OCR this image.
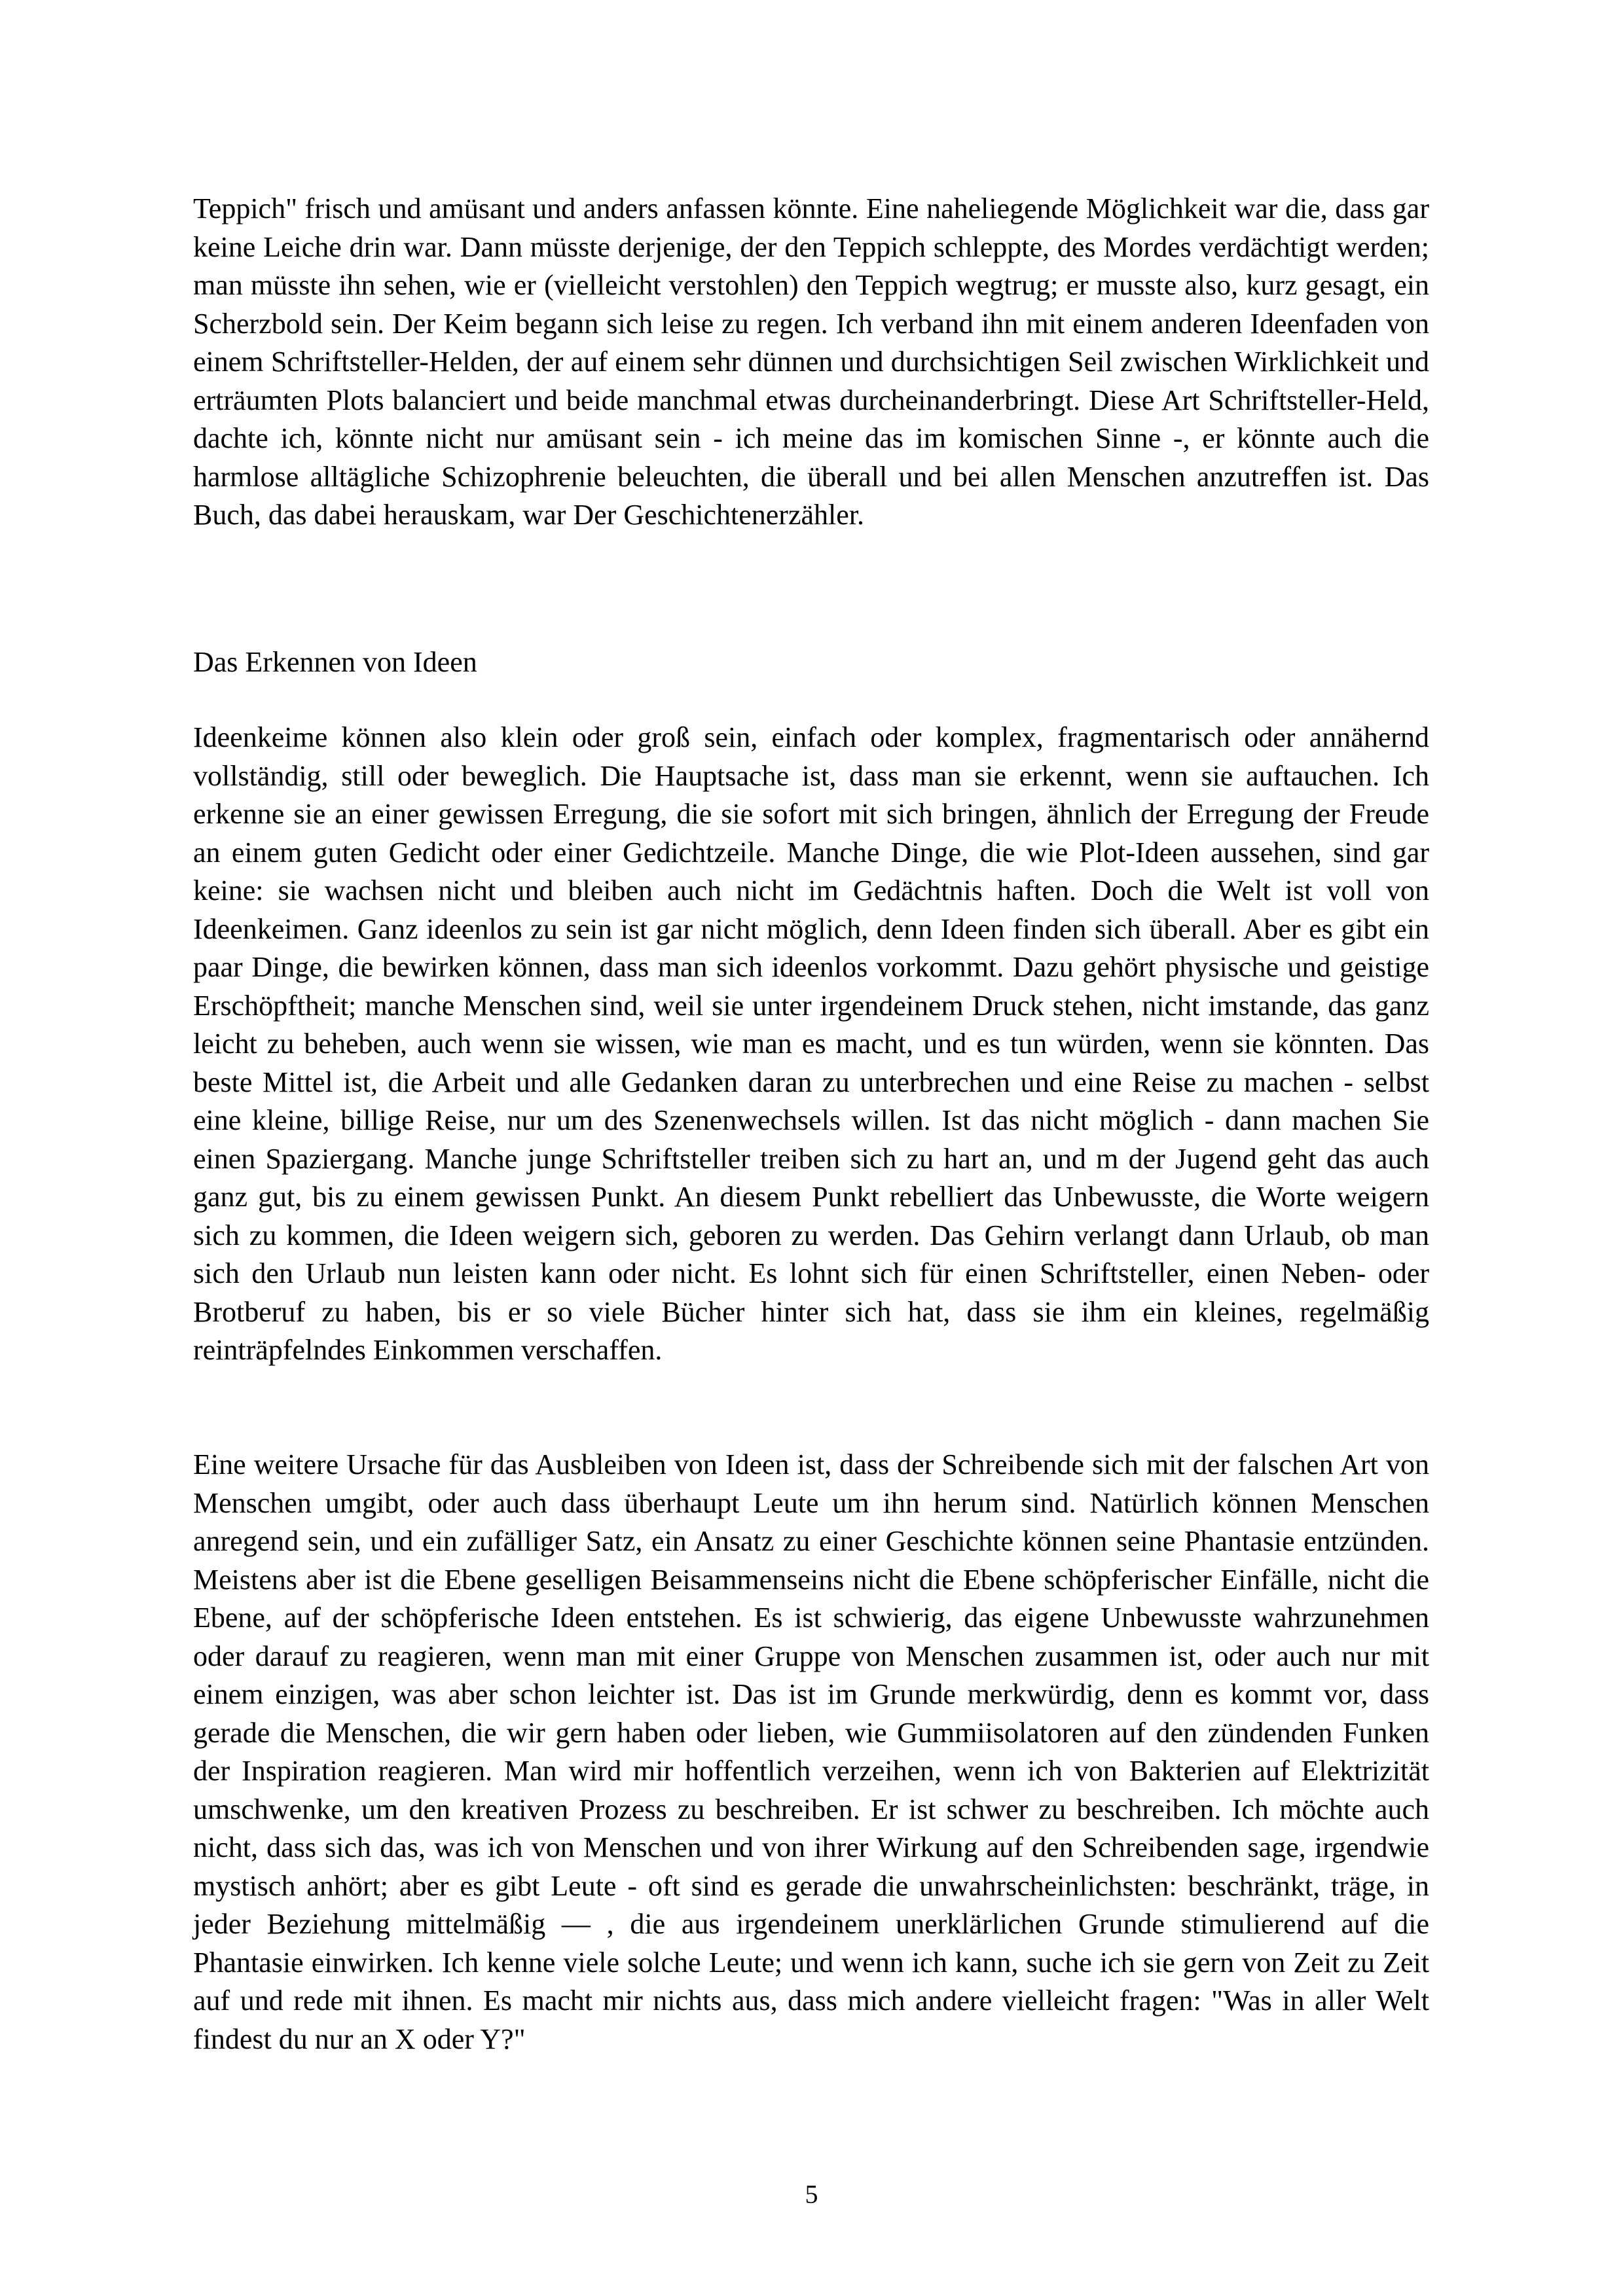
Teppich" frisch und amüsant und anders anfassen könnte. Eine naheliegende Möglichkeit war die, dass gar keine Leiche drin war. Dann müsste derjenige, der den Teppich schleppte, des Mordes verdächtigt werden; man müsste ihn sehen, wie er (vielleicht verstohlen) den Teppich wegtrug; er musste also, kurz gesagt, ein Scherzbold sein. Der Keim begann sich leise zu regen. Ich verband ihn mit einem anderen Ideenfaden von einem Schriftsteller-Helden, der auf einem sehr dünnen und durchsichtigen Seil zwischen Wirklichkeit und erträumten Plots balanciert und beide manchmal etwas durcheinanderbringt. Diese Art Schriftsteller-Held, dachte ich, könnte nicht nur amüsant sein - ich meine das im komischen Sinne -, er könnte auch die harmlose alltägliche Schizophrenie beleuchten, die überall und bei allen Menschen anzutreffen ist. Das Buch, das dabei herauskam, war Der Geschichtenerzähler.

Das Erkennen von Ideen

Ideenkeime können also klein oder groß sein, einfach oder komplex, fragmentarisch oder annähernd vollständig, still oder beweglich. Die Hauptsache ist, dass man sie erkennt, wenn sie auftauchen. Ich erkenne sie an einer gewissen Erregung, die sie sofort mit sich bringen, ähnlich der Erregung der Freude an einem guten Gedicht oder einer Gedichtzeile. Manche Dinge, die wie Plot-Ideen aussehen, sind gar keine: sie wachsen nicht und bleiben auch nicht im Gedächtnis haften. Doch die Welt ist voll von Ideenkeimen. Ganz ideenlos zu sein ist gar nicht möglich, denn Ideen finden sich überall. Aber es gibt ein paar Dinge, die bewirken können, dass man sich ideenlos vorkommt. Dazu gehört physische und geistige Erschöpftheit; manche Menschen sind, weil sie unter irgendeinem Druck stehen, nicht imstande, das ganz leicht zu beheben, auch wenn sie wissen, wie man es macht, und es tun würden, wenn sie könnten. Das beste Mittel ist, die Arbeit und alle Gedanken daran zu unterbrechen und eine Reise zu machen - selbst eine kleine, billige Reise, nur um des Szenenwechsels willen. Ist das nicht möglich - dann machen Sie einen Spaziergang. Manche junge Schriftsteller treiben sich zu hart an, und m der Jugend geht das auch ganz gut, bis zu einem gewissen Punkt. An diesem Punkt rebelliert das Unbewusste, die Worte weigern sich zu kommen, die Ideen weigern sich, geboren zu werden. Das Gehirn verlangt dann Urlaub, ob man sich den Urlaub nun leisten kann oder nicht. Es lohnt sich für einen Schriftsteller, einen Neben- oder Brotberuf zu haben, bis er so viele Bücher hinter sich hat, dass sie ihm ein kleines, regelmäßig reinträpfelndes Einkommen verschaffen.

Eine weitere Ursache für das Ausbleiben von Ideen ist, dass der Schreibende sich mit der falschen Art von Menschen umgibt, oder auch dass überhaupt Leute um ihn herum sind. Natürlich können Menschen anregend sein, und ein zufälliger Satz, ein Ansatz zu einer Geschichte können seine Phantasie entzünden. Meistens aber ist die Ebene geselligen Beisammenseins nicht die Ebene schöpferischer Einfälle, nicht die Ebene, auf der schöpferische Ideen entstehen. Es ist schwierig, das eigene Unbewusste wahrzunehmen oder darauf zu reagieren, wenn man mit einer Gruppe von Menschen zusammen ist, oder auch nur mit einem einzigen, was aber schon leichter ist. Das ist im Grunde merkwürdig, denn es kommt vor, dass gerade die Menschen, die wir gern haben oder lieben, wie Gummiisolatoren auf den zündenden Funken der Inspiration reagieren. Man wird mir hoffentlich verzeihen, wenn ich von Bakterien auf Elektrizität umschwenke, um den kreativen Prozess zu beschreiben. Er ist schwer zu beschreiben. Ich möchte auch nicht, dass sich das, was ich von Menschen und von ihrer Wirkung auf den Schreibenden sage, irgendwie mystisch anhört; aber es gibt Leute - oft sind es gerade die unwahrscheinlichsten: beschränkt, träge, in jeder Beziehung mittelmäßig — , die aus irgendeinem unerklärlichen Grunde stimulierend auf die Phantasie einwirken. Ich kenne viele solche Leute; und wenn ich kann, suche ich sie gern von Zeit zu Zeit auf und rede mit ihnen. Es macht mir nichts aus, dass mich andere vielleicht fragen: "Was in aller Welt findest du nur an X oder Y?"

5
